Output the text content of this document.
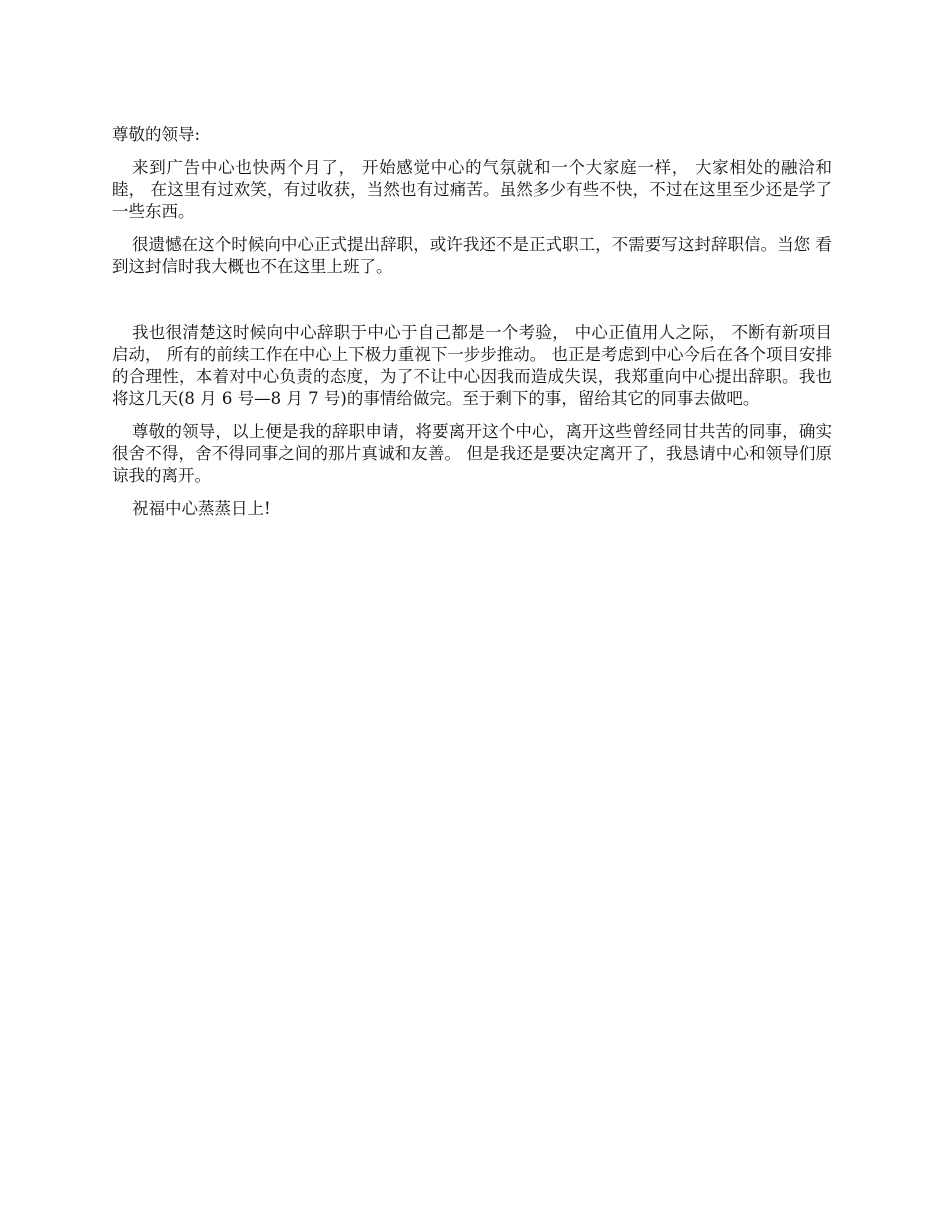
尊敬的领导:

来到广告中心也快两个月了， 开始感觉中心的气氛就和一个大家庭一样， 大家相处的融洽和睦， 在这里有过欢笑，有过收获，当然也有过痛苦。虽然多少有些不快，不过在这里至少还是学了一些东西。

很遗憾在这个时候向中心正式提出辞职，或许我还不是正式职工，不需要写这封辞职信。当您 看到这封信时我大概也不在这里上班了。

我也很清楚这时候向中心辞职于中心于自己都是一个考验， 中心正值用人之际， 不断有新项目启动， 所有的前续工作在中心上下极力重视下一步步推动。 也正是考虑到中心今后在各个项目安排的合理性，本着对中心负责的态度，为了不让中心因我而造成失误，我郑重向中心提出辞职。我也 将这几天(8 月 6 号—8 月 7 号)的事情给做完。至于剩下的事，留给其它的同事去做吧。

尊敬的领导，以上便是我的辞职申请，将要离开这个中心，离开这些曾经同甘共苦的同事，确实很舍不得，舍不得同事之间的那片真诚和友善。 但是我还是要决定离开了，我恳请中心和领导们原谅我的离开。

祝福中心蒸蒸日上!
